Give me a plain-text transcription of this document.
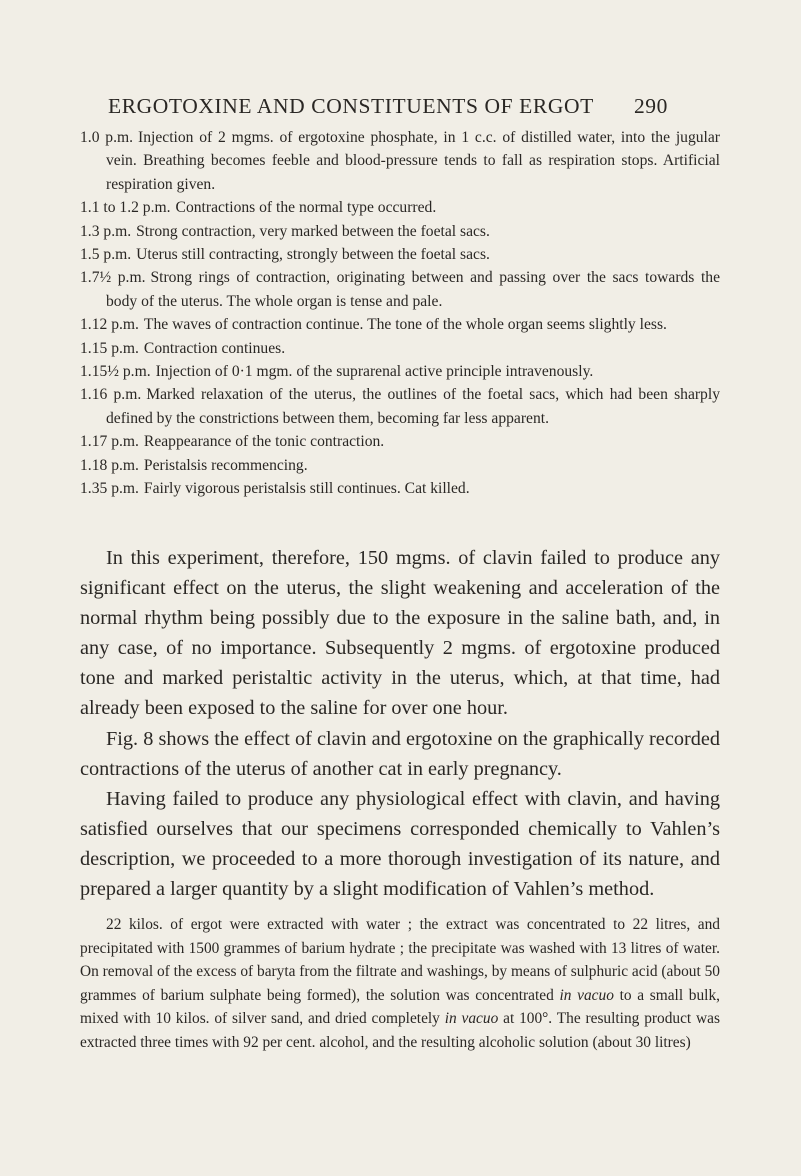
ERGOTOXINE AND CONSTITUENTS OF ERGOT 290
1.0 p.m. Injection of 2 mgms. of ergotoxine phosphate, in 1 c.c. of distilled water, into the jugular vein. Breathing becomes feeble and blood-pressure tends to fall as respiration stops. Artificial respiration given.
1.1 to 1.2 p.m. Contractions of the normal type occurred.
1.3 p.m. Strong contraction, very marked between the foetal sacs.
1.5 p.m. Uterus still contracting, strongly between the foetal sacs.
1.7½ p.m. Strong rings of contraction, originating between and passing over the sacs towards the body of the uterus. The whole organ is tense and pale.
1.12 p.m. The waves of contraction continue. The tone of the whole organ seems slightly less.
1.15 p.m. Contraction continues.
1.15½ p.m. Injection of 0·1 mgm. of the suprarenal active principle intravenously.
1.16 p.m. Marked relaxation of the uterus, the outlines of the foetal sacs, which had been sharply defined by the constrictions between them, becoming far less apparent.
1.17 p.m. Reappearance of the tonic contraction.
1.18 p.m. Peristalsis recommencing.
1.35 p.m. Fairly vigorous peristalsis still continues. Cat killed.

In this experiment, therefore, 150 mgms. of clavin failed to produce any significant effect on the uterus, the slight weakening and acceleration of the normal rhythm being possibly due to the exposure in the saline bath, and, in any case, of no importance. Subsequently 2 mgms. of ergotoxine produced tone and marked peristaltic activity in the uterus, which, at that time, had already been exposed to the saline for over one hour.

Fig. 8 shows the effect of clavin and ergotoxine on the graphically recorded contractions of the uterus of another cat in early pregnancy.

Having failed to produce any physiological effect with clavin, and having satisfied ourselves that our specimens corresponded chemically to Vahlen’s description, we proceeded to a more thorough investigation of its nature, and prepared a larger quantity by a slight modification of Vahlen’s method.

22 kilos. of ergot were extracted with water ; the extract was concentrated to 22 litres, and precipitated with 1500 grammes of barium hydrate ; the precipitate was washed with 13 litres of water. On removal of the excess of baryta from the filtrate and washings, by means of sulphuric acid (about 50 grammes of barium sulphate being formed), the solution was concentrated in vacuo to a small bulk, mixed with 10 kilos. of silver sand, and dried completely in vacuo at 100°. The resulting product was extracted three times with 92 per cent. alcohol, and the resulting alcoholic solution (about 30 litres)
